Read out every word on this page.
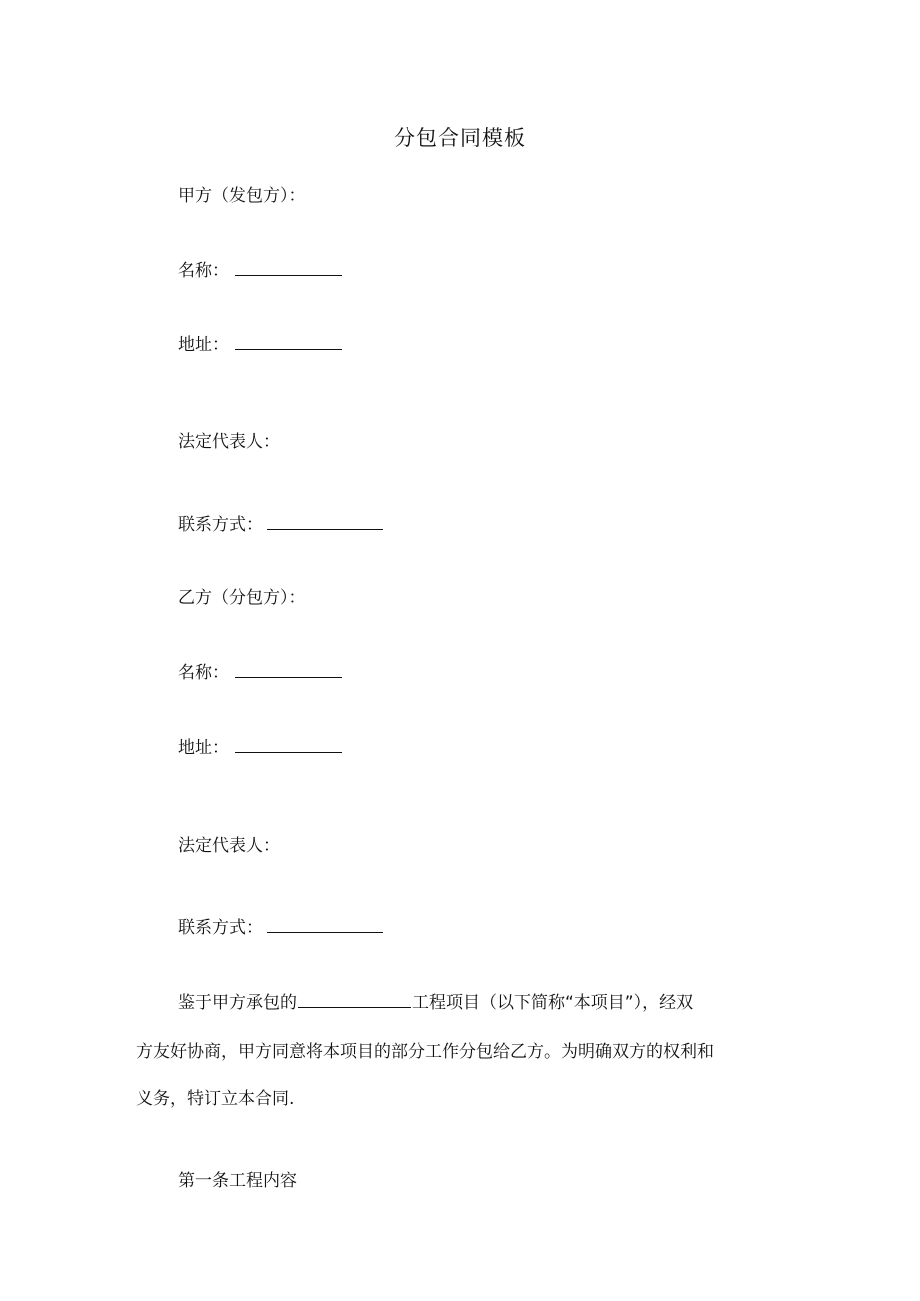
分包合同模板
甲方（发包方）：
名称：
地址：
法定代表人：
联系方式：
乙方（分包方）：
名称：
地址：
法定代表人：
联系方式：
鉴于甲方承包的	工程项目（以下简称“本项目”），经双
方友好协商，甲方同意将本项目的部分工作分包给乙方。为明确双方的权利和
义务，特订立本合同.
第一条工程内容
